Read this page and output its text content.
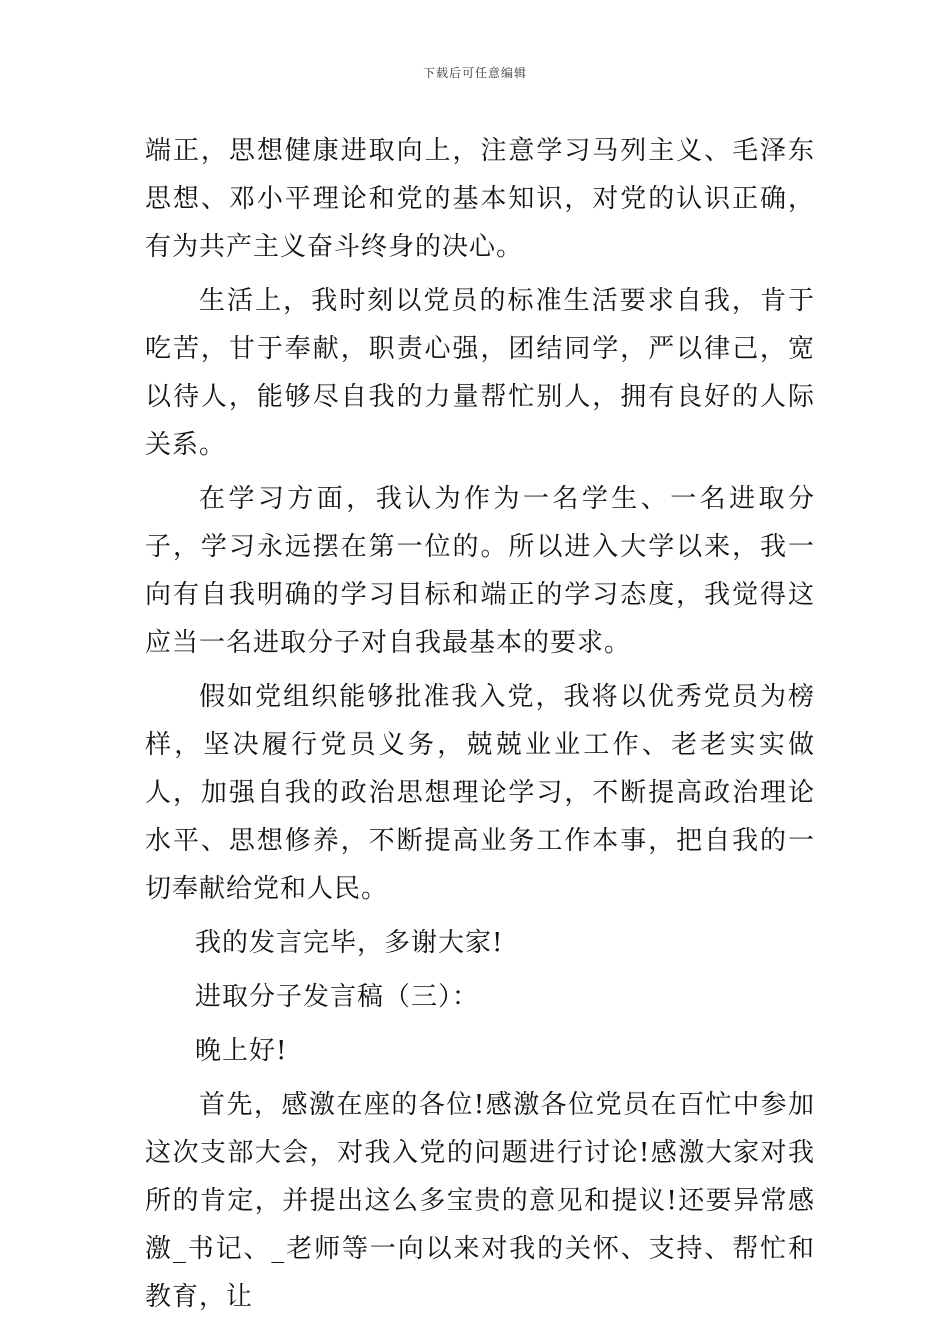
下载后可任意编辑

端正，思想健康进取向上，注意学习马列主义、毛泽东思想、邓小平理论和党的基本知识，对党的认识正确，有为共产主义奋斗终身的决心。

生活上，我时刻以党员的标准生活要求自我，肯于吃苦，甘于奉献，职责心强，团结同学，严以律己，宽以待人，能够尽自我的力量帮忙别人，拥有良好的人际关系。

在学习方面，我认为作为一名学生、一名进取分子，学习永远摆在第一位的。所以进入大学以来，我一向有自我明确的学习目标和端正的学习态度，我觉得这应当一名进取分子对自我最基本的要求。

假如党组织能够批准我入党，我将以优秀党员为榜样，坚决履行党员义务，兢兢业业工作、老老实实做人，加强自我的政治思想理论学习，不断提高政治理论水平、思想修养，不断提高业务工作本事，把自我的一切奉献给党和人民。

我的发言完毕，多谢大家!

进取分子发言稿（三）：

晚上好!

首先，感激在座的各位!感激各位党员在百忙中参加这次支部大会，对我入党的问题进行讨论!感激大家对我所的肯定，并提出这么多宝贵的意见和提议!还要异常感激_书记、_老师等一向以来对我的关怀、支持、帮忙和教育，让
